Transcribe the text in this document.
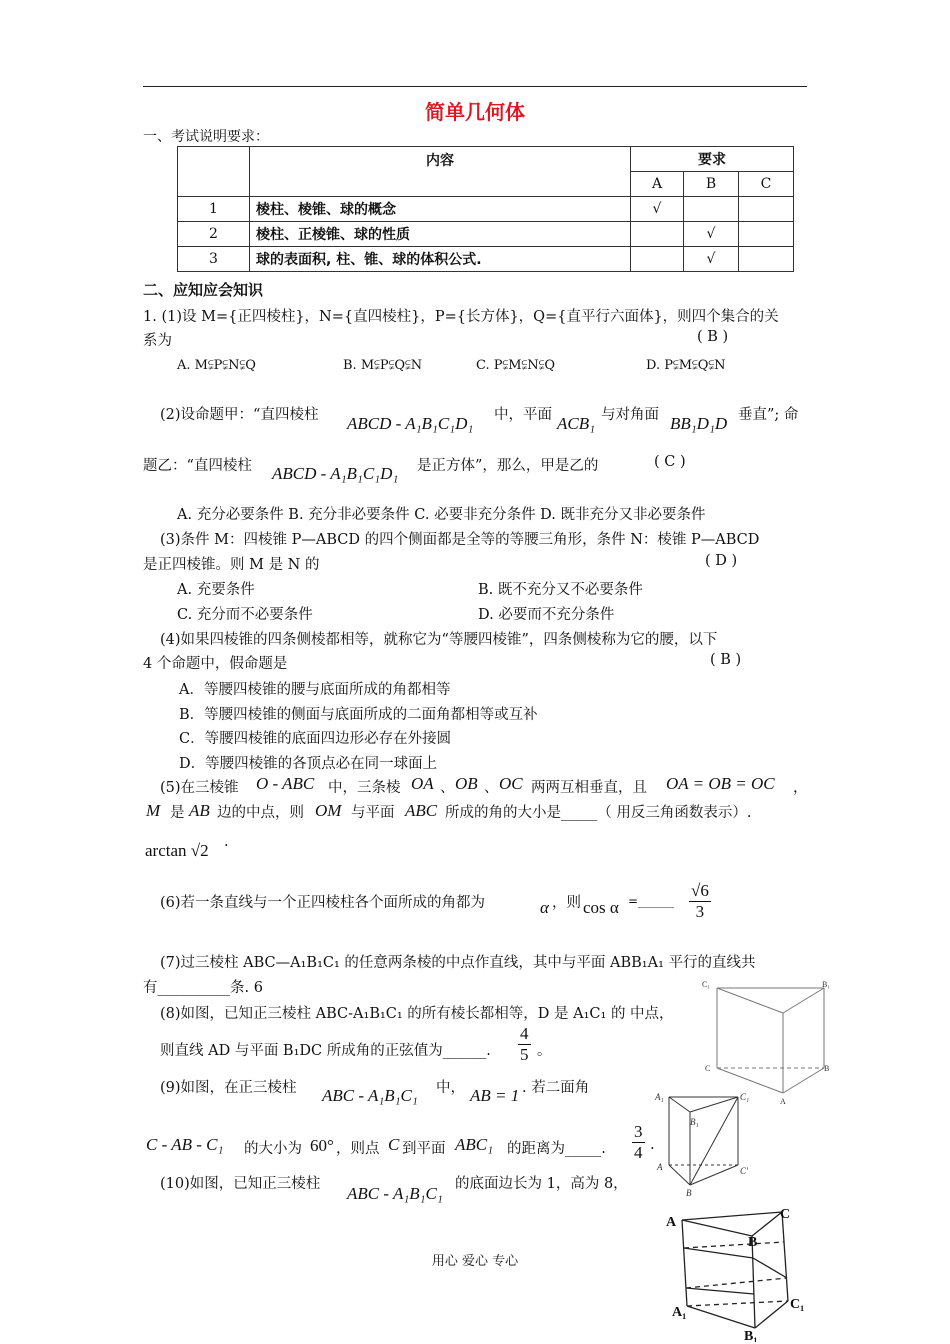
简单几何体
一、考试说明要求：
	内容	要求		
		A	B	C
1	棱柱、棱锥、球的概念	√		
2	棱柱、正棱锥、球的性质		√	
3	球的表面积, 柱、锥、球的体积公式.		√	
二、应知应会知识
1. (1)设 M={正四棱柱}，N={直四棱柱}，P={长方体}，Q={直平行六面体}，则四个集合的关
系为	( B )
A. M⫋P⫋N⫋Q	B. M⫋P⫋Q⫋N	C. P⫋M⫋N⫋Q	D. P⫋M⫋Q⫋N
(2)设命题甲：“直四棱柱 ABCD - A₁B₁C₁D₁ 中，平面 ACB₁ 与对角面 BB₁D₁D 垂直”; 命
题乙：“直四棱柱 ABCD - A₁B₁C₁D₁ 是正方体”，那么，甲是乙的	( C )
A. 充分必要条件 B. 充分非必要条件 C. 必要非充分条件 D. 既非充分又非必要条件
(3)条件 M：四棱锥 P—ABCD 的四个侧面都是全等的等腰三角形，条件 N：棱锥 P—ABCD
是正四棱锥。则 M 是 N 的	( D )
A. 充要条件	B. 既不充分又不必要条件
C. 充分而不必要条件	D. 必要而不充分条件
(4)如果四棱锥的四条侧棱都相等，就称它为“等腰四棱锥”，四条侧棱称为它的腰，以下
4 个命题中，假命题是	( B )
A．等腰四棱锥的腰与底面所成的角都相等
B．等腰四棱锥的侧面与底面所成的二面角都相等或互补
C．等腰四棱锥的底面四边形必存在外接圆
D．等腰四棱锥的各顶点必在同一球面上
(5)在三棱锥 O - ABC 中，三条棱 OA 、 OB 、 OC 两两互相垂直，且 OA = OB = OC ，
M 是 AB 边的中点，则 OM 与平面 ABC 所成的角的大小是_____（ 用反三角函数表示）.
arctan √2 .
(6)若一条直线与一个正四棱柱各个面所成的角都为	α ，则 cos α =______ $\frac{√6}{3}$
(7)过三棱柱 ABC—A₁B₁C₁ 的任意两条棱的中点作直线，其中与平面 ABB₁A₁ 平行的直线共
有__________条. 6
(8)如图，已知正三棱柱 ABC-A₁B₁C₁ 的所有棱长都相等，D 是 A₁C₁ 的 中点，
则直线 AD 与平面 B₁DC 所成角的正弦值为______. $\frac{4}{5}$ 。
(9)如图，在正三棱柱 ABC - A₁B₁C₁ 中， AB = 1 . 若二面角
C - AB - C₁ 的大小为 60° ，则点 C 到平面 ABC₁ 的距离为_____. $\frac{3}{4}$ .
(10)如图，已知正三棱柱 ABC - A₁B₁C₁ 的底面边长为 1，高为 8，
C₁	B₁
C	B
A
A₁	C₁
B₁
C'
A
B
A
C
B
A₁
C₁
B₁
用心 爱心 专心
